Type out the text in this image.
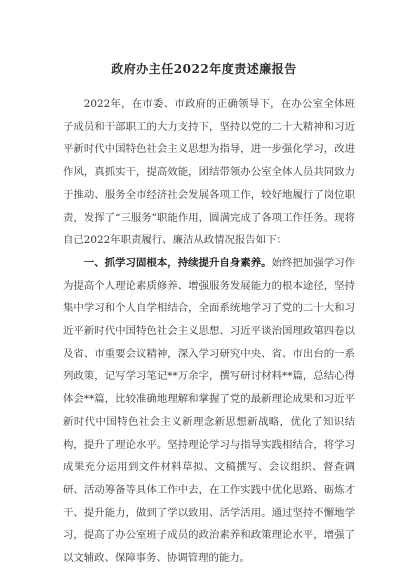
政府办主任2022年度责述廉报告

2022年，在市委、市政府的正确领导下，在办公室全体班子成员和干部职工的大力支持下，坚持以党的二十大精神和习近平新时代中国特色社会主义思想为指导，进一步强化学习，改进作风，真抓实干，提高效能，团结带领办公室全体人员共同致力于推动、服务全市经济社会发展各项工作，较好地履行了岗位职责，发挥了“三服务”职能作用，圆满完成了各项工作任务。现将自己2022年职责履行、廉洁从政情况报告如下：

一、抓学习固根本，持续提升自身素养。始终把加强学习作为提高个人理论素质修养、增强服务发展能力的根本途径，坚持集中学习和个人自学相结合，全面系统地学习了党的二十大和习近平新时代中国特色社会主义思想、习近平谈治国理政第四卷以及省、市重要会议精神，深入学习研究中央、省、市出台的一系列政策，记写学习笔记**万余字，撰写研讨材料**篇，总结心得体会**篇，比较准确地理解和掌握了党的最新理论成果和习近平新时代中国特色社会主义新理念新思想新战略，优化了知识结构，提升了理论水平。坚持理论学习与指导实践相结合，将学习成果充分运用到文件材料草拟、文稿撰写、会议组织、督查调研、活动筹备等具体工作中去，在工作实践中优化思路、砺炼才干、提升能力，做到了学以致用、活学活用。通过坚持不懈地学习，提高了办公室班子成员的政治素养和政策理论水平，增强了以文辅政、保障事务、协调管理的能力。
